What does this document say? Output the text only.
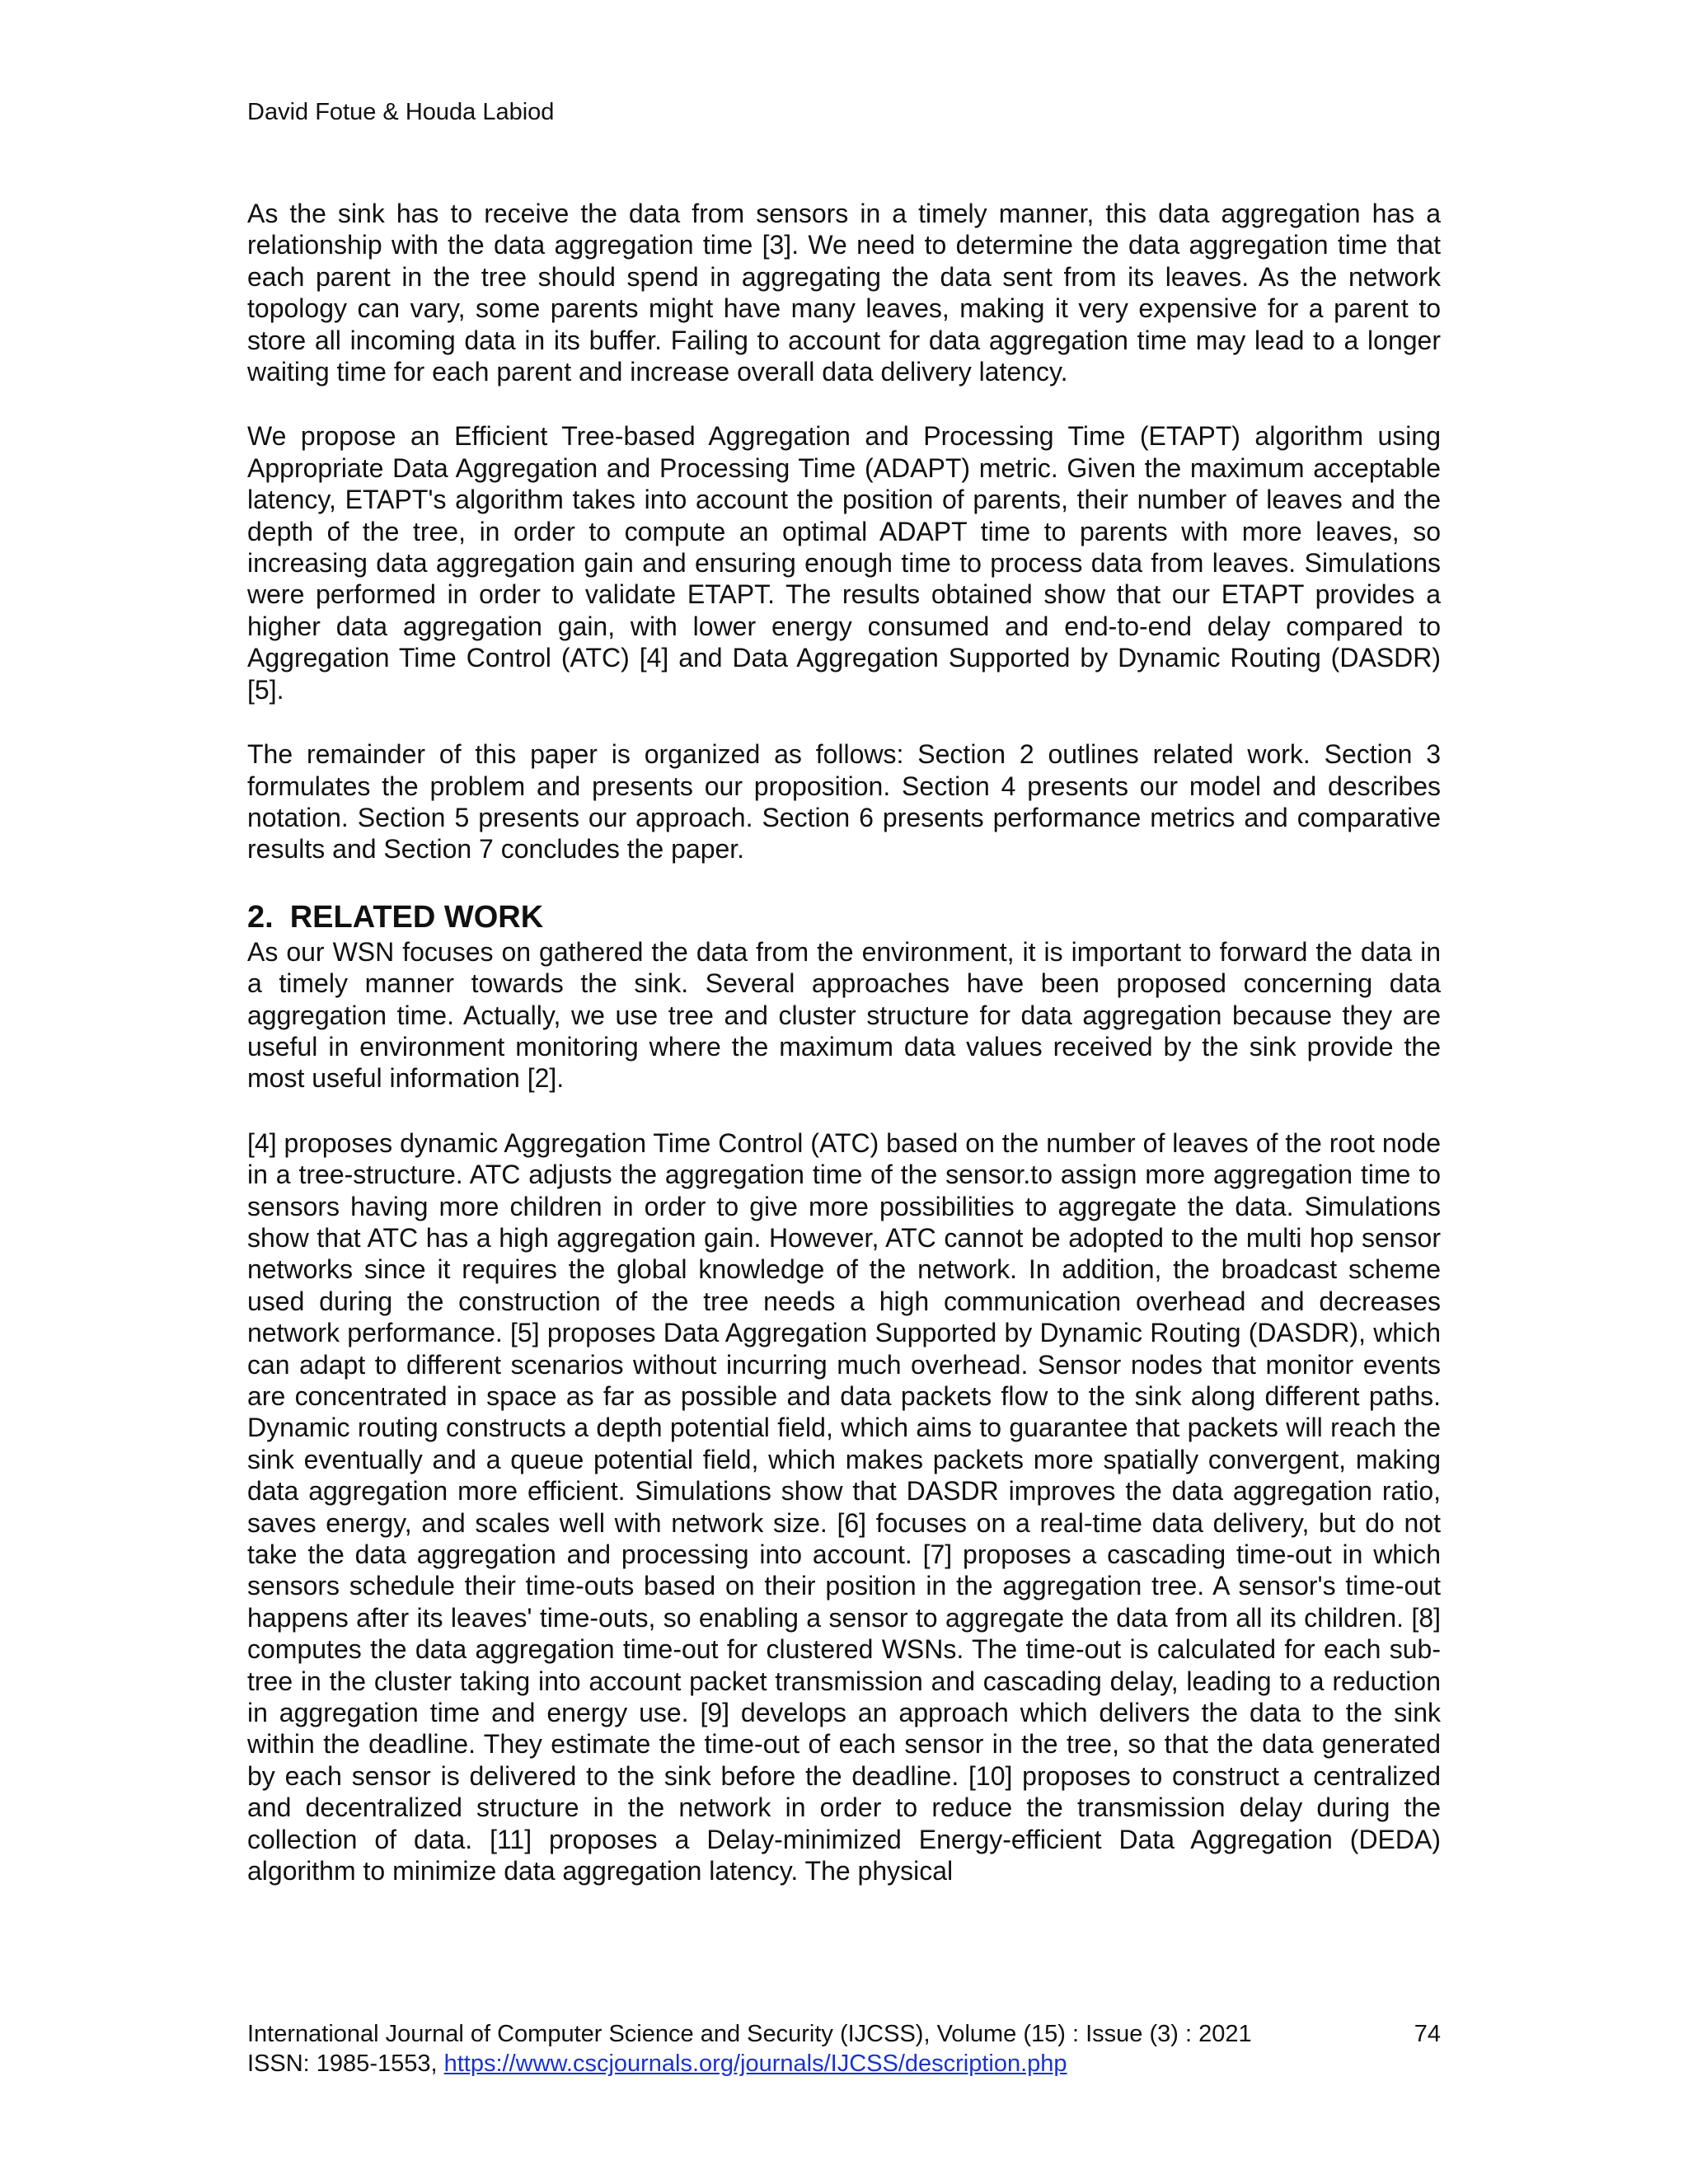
David Fotue & Houda Labiod

As the sink has to receive the data from sensors in a timely manner, this data aggregation has a relationship with the data aggregation time [3]. We need to determine the data aggregation time that each parent in the tree should spend in aggregating the data sent from its leaves. As the network topology can vary, some parents might have many leaves, making it very expensive for a parent to store all incoming data in its buffer. Failing to account for data aggregation time may lead to a longer waiting time for each parent and increase overall data delivery latency.

We propose an Efficient Tree-based Aggregation and Processing Time (ETAPT) algorithm using Appropriate Data Aggregation and Processing Time (ADAPT) metric. Given the maximum acceptable latency, ETAPT's algorithm takes into account the position of parents, their number of leaves and the depth of the tree, in order to compute an optimal ADAPT time to parents with more leaves, so increasing data aggregation gain and ensuring enough time to process data from leaves. Simulations were performed in order to validate ETAPT. The results obtained show that our ETAPT provides a higher data aggregation gain, with lower energy consumed and end-to-end delay compared to Aggregation Time Control (ATC) [4] and Data Aggregation Supported by Dynamic Routing (DASDR) [5].

The remainder of this paper is organized as follows: Section 2 outlines related work. Section 3 formulates the problem and presents our proposition. Section 4 presents our model and describes notation. Section 5 presents our approach. Section 6 presents performance metrics and comparative results and Section 7 concludes the paper.

2. RELATED WORK

As our WSN focuses on gathered the data from the environment, it is important to forward the data in a timely manner towards the sink. Several approaches have been proposed concerning data aggregation time. Actually, we use tree and cluster structure for data aggregation because they are useful in environment monitoring where the maximum data values received by the sink provide the most useful information [2].

[4] proposes dynamic Aggregation Time Control (ATC) based on the number of leaves of the root node in a tree-structure. ATC adjusts the aggregation time of the sensor.to assign more aggregation time to sensors having more children in order to give more possibilities to aggregate the data. Simulations show that ATC has a high aggregation gain. However, ATC cannot be adopted to the multi hop sensor networks since it requires the global knowledge of the network. In addition, the broadcast scheme used during the construction of the tree needs a high communication overhead and decreases network performance. [5] proposes Data Aggregation Supported by Dynamic Routing (DASDR), which can adapt to different scenarios without incurring much overhead. Sensor nodes that monitor events are concentrated in space as far as possible and data packets flow to the sink along different paths. Dynamic routing constructs a depth potential field, which aims to guarantee that packets will reach the sink eventually and a queue potential field, which makes packets more spatially convergent, making data aggregation more efficient. Simulations show that DASDR improves the data aggregation ratio, saves energy, and scales well with network size. [6] focuses on a real-time data delivery, but do not take the data aggregation and processing into account. [7] proposes a cascading time-out in which sensors schedule their time-outs based on their position in the aggregation tree. A sensor's time-out happens after its leaves' time-outs, so enabling a sensor to aggregate the data from all its children. [8] computes the data aggregation time-out for clustered WSNs. The time-out is calculated for each sub-tree in the cluster taking into account packet transmission and cascading delay, leading to a reduction in aggregation time and energy use. [9] develops an approach which delivers the data to the sink within the deadline. They estimate the time-out of each sensor in the tree, so that the data generated by each sensor is delivered to the sink before the deadline. [10] proposes to construct a centralized and decentralized structure in the network in order to reduce the transmission delay during the collection of data. [11] proposes a Delay-minimized Energy-efficient Data Aggregation (DEDA) algorithm to minimize data aggregation latency. The physical

International Journal of Computer Science and Security (IJCSS), Volume (15) : Issue (3) : 2021	74
ISSN: 1985-1553, https://www.cscjournals.org/journals/IJCSS/description.php
